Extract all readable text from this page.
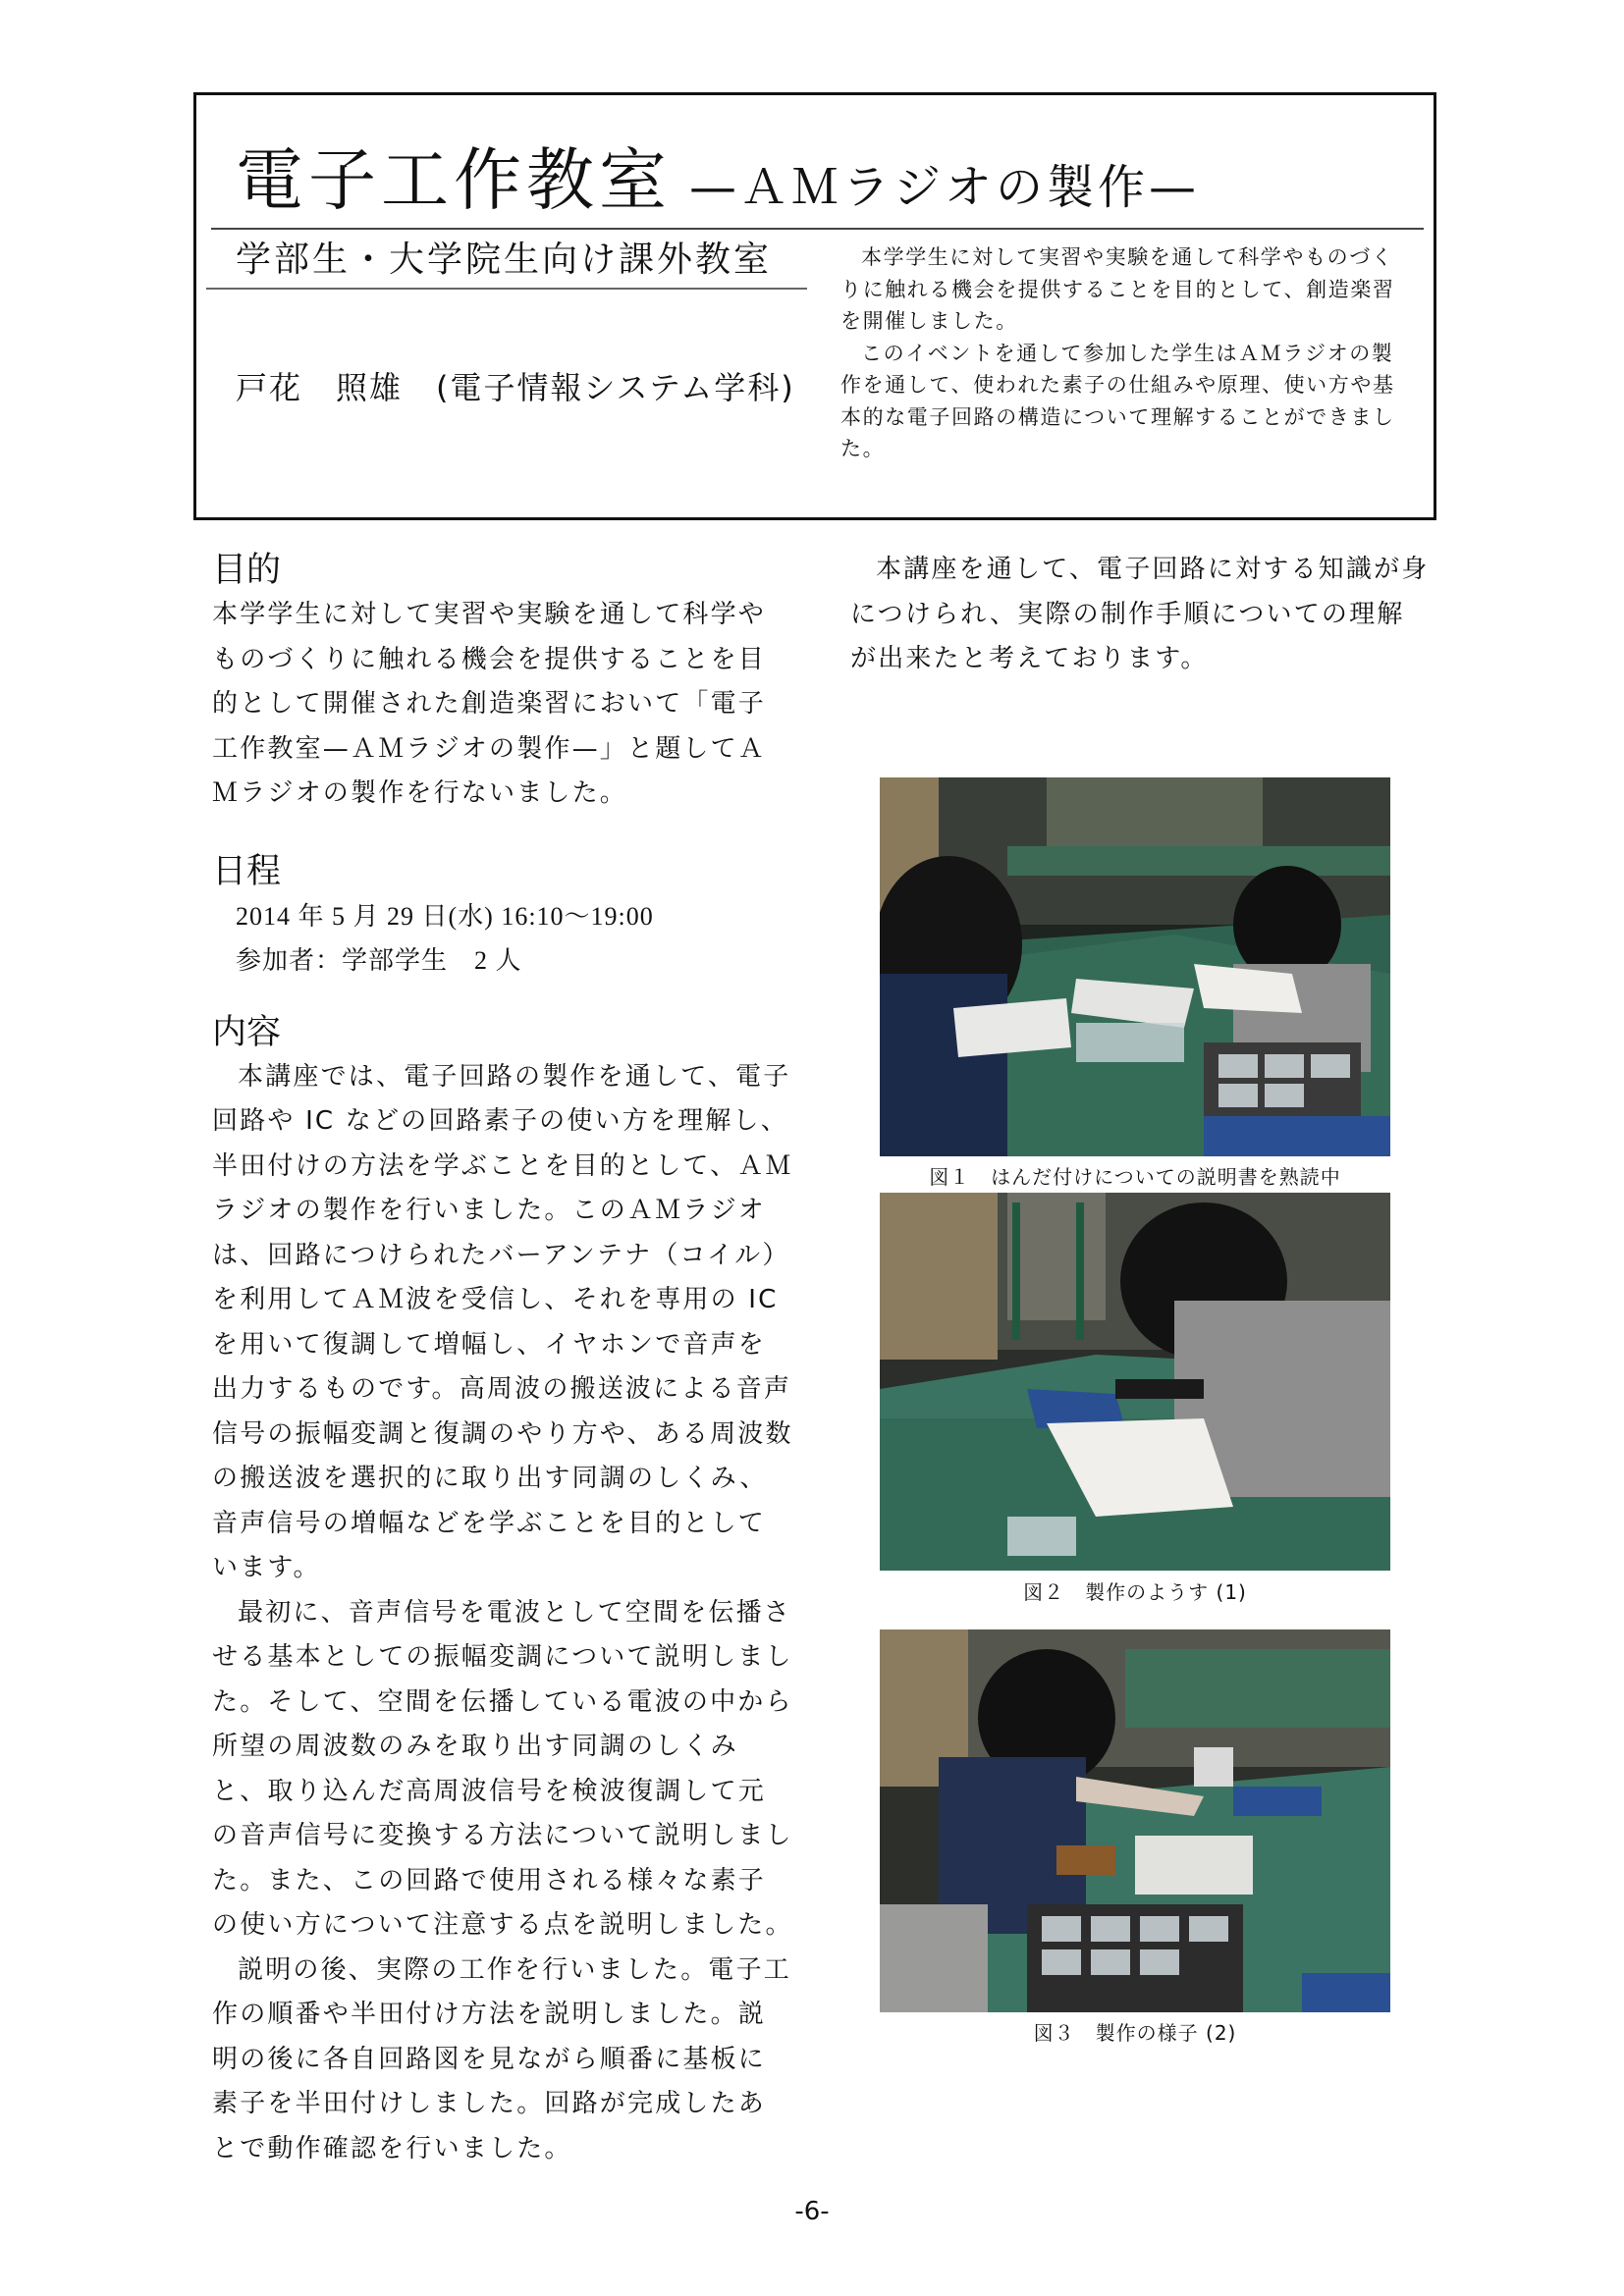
電子工作教室 —ＡＭラジオの製作—
学部生・大学院生向け課外教室
戸花　照雄　(電子情報システム学科)

本学学生に対して実習や実験を通して科学やものづくりに触れる機会を提供することを目的として、創造楽習を開催しました。

このイベントを通して参加した学生はＡＭラジオの製作を通して、使われた素子の仕組みや原理、使い方や基本的な電子回路の構造について理解することができました。

目的

本学学生に対して実習や実験を通して科学やものづくりに触れる機会を提供することを目的として開催された創造楽習において「電子工作教室—ＡＭラジオの製作—」と題してＡＭラジオの製作を行ないました。

日程
2014 年 5 月 29 日(水) 16:10～19:00
参加者：学部学生　2 人
内容

本講座では、電子回路の製作を通して、電子回路や IC などの回路素子の使い方を理解し、半田付けの方法を学ぶことを目的として、ＡＭラジオの製作を行いました。このＡＭラジオは、回路につけられたバーアンテナ（コイル）を利用してＡＭ波を受信し、それを専用の IC を用いて復調して増幅し、イヤホンで音声を出力するものです。高周波の搬送波による音声信号の振幅変調と復調のやり方や、ある周波数の搬送波を選択的に取り出す同調のしくみ、音声信号の増幅などを学ぶことを目的としています。

最初に、音声信号を電波として空間を伝播させる基本としての振幅変調について説明しました。そして、空間を伝播している電波の中から所望の周波数のみを取り出す同調のしくみと、取り込んだ高周波信号を検波復調して元の音声信号に変換する方法について説明しました。また、この回路で使用される様々な素子の使い方について注意する点を説明しました。

説明の後、実際の工作を行いました。電子工作の順番や半田付け方法を説明しました。説明の後に各自回路図を見ながら順番に基板に素子を半田付けしました。回路が完成したあとで動作確認を行いました。

本講座を通して、電子回路に対する知識が身につけられ、実際の制作手順についての理解が出来たと考えております。

図１　はんだ付けについての説明書を熟読中
図２　製作のようす (1)
図３　製作の様子 (2)
-6-
